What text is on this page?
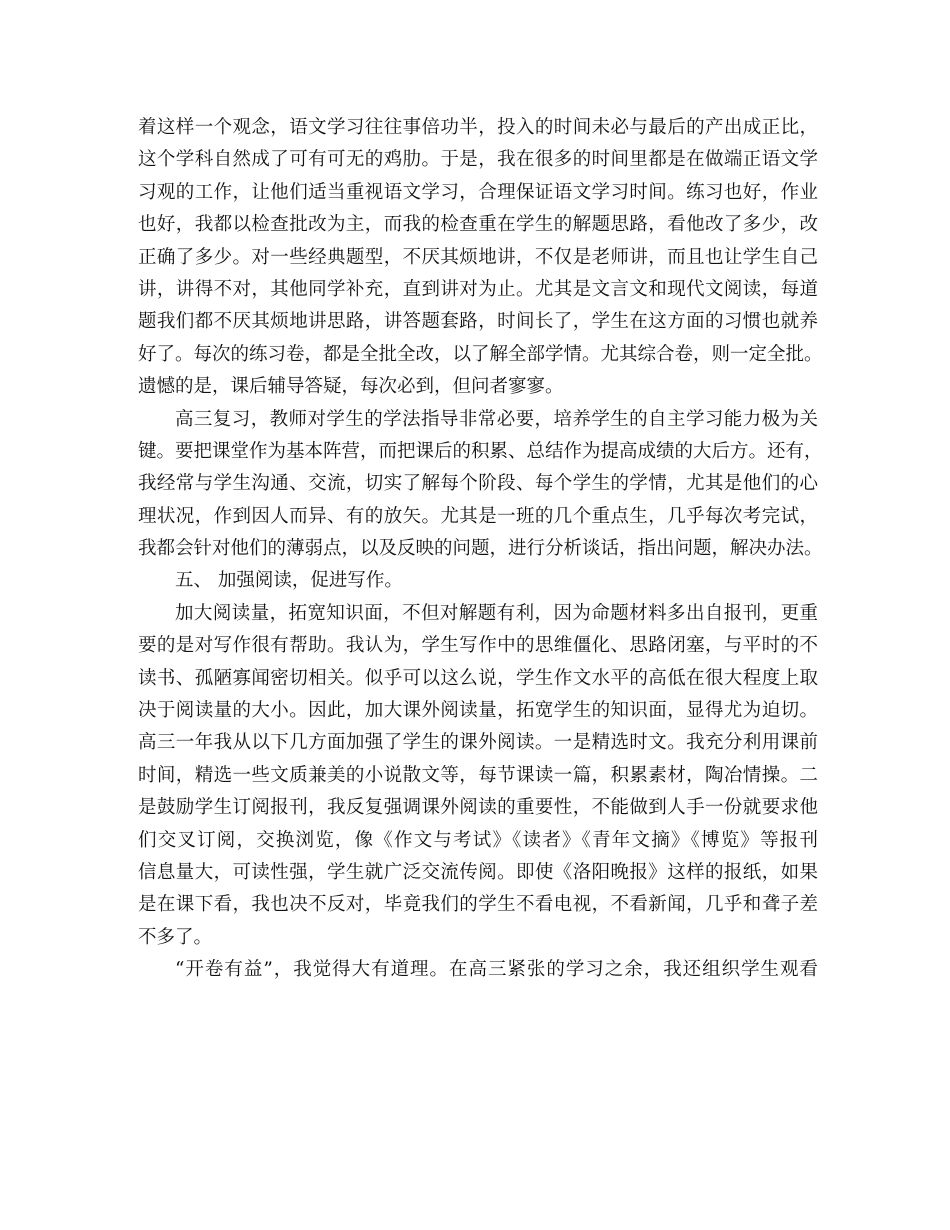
着这样一个观念，语文学习往往事倍功半，投入的时间未必与最后的产出成正比，
这个学科自然成了可有可无的鸡肋。于是，我在很多的时间里都是在做端正语文学
习观的工作，让他们适当重视语文学习，合理保证语文学习时间。练习也好，作业
也好，我都以检查批改为主，而我的检查重在学生的解题思路，看他改了多少，改
正确了多少。对一些经典题型，不厌其烦地讲，不仅是老师讲，而且也让学生自己
讲，讲得不对，其他同学补充，直到讲对为止。尤其是文言文和现代文阅读，每道
题我们都不厌其烦地讲思路，讲答题套路，时间长了，学生在这方面的习惯也就养
好了。每次的练习卷，都是全批全改，以了解全部学情。尤其综合卷，则一定全批。
遗憾的是，课后辅导答疑，每次必到，但问者寥寥。
高三复习，教师对学生的学法指导非常必要，培养学生的自主学习能力极为关
键。要把课堂作为基本阵营，而把课后的积累、总结作为提高成绩的大后方。还有，
我经常与学生沟通、交流，切实了解每个阶段、每个学生的学情，尤其是他们的心
理状况，作到因人而异、有的放矢。尤其是一班的几个重点生，几乎每次考完试，
我都会针对他们的薄弱点，以及反映的问题，进行分析谈话，指出问题，解决办法。
五、 加强阅读，促进写作。
加大阅读量，拓宽知识面，不但对解题有利，因为命题材料多出自报刊，更重
要的是对写作很有帮助。我认为，学生写作中的思维僵化、思路闭塞，与平时的不
读书、孤陋寡闻密切相关。似乎可以这么说，学生作文水平的高低在很大程度上取
决于阅读量的大小。因此，加大课外阅读量，拓宽学生的知识面，显得尤为迫切。
高三一年我从以下几方面加强了学生的课外阅读。一是精选时文。我充分利用课前
时间，精选一些文质兼美的小说散文等，每节课读一篇，积累素材，陶冶情操。二
是鼓励学生订阅报刊，我反复强调课外阅读的重要性，不能做到人手一份就要求他
们交叉订阅，交换浏览，像《作文与考试》《读者》《青年文摘》《博览》等报刊
信息量大，可读性强，学生就广泛交流传阅。即使《洛阳晚报》这样的报纸，如果
是在课下看，我也决不反对，毕竟我们的学生不看电视，不看新闻，几乎和聋子差
不多了。
“开卷有益”，我觉得大有道理。在高三紧张的学习之余，我还组织学生观看
